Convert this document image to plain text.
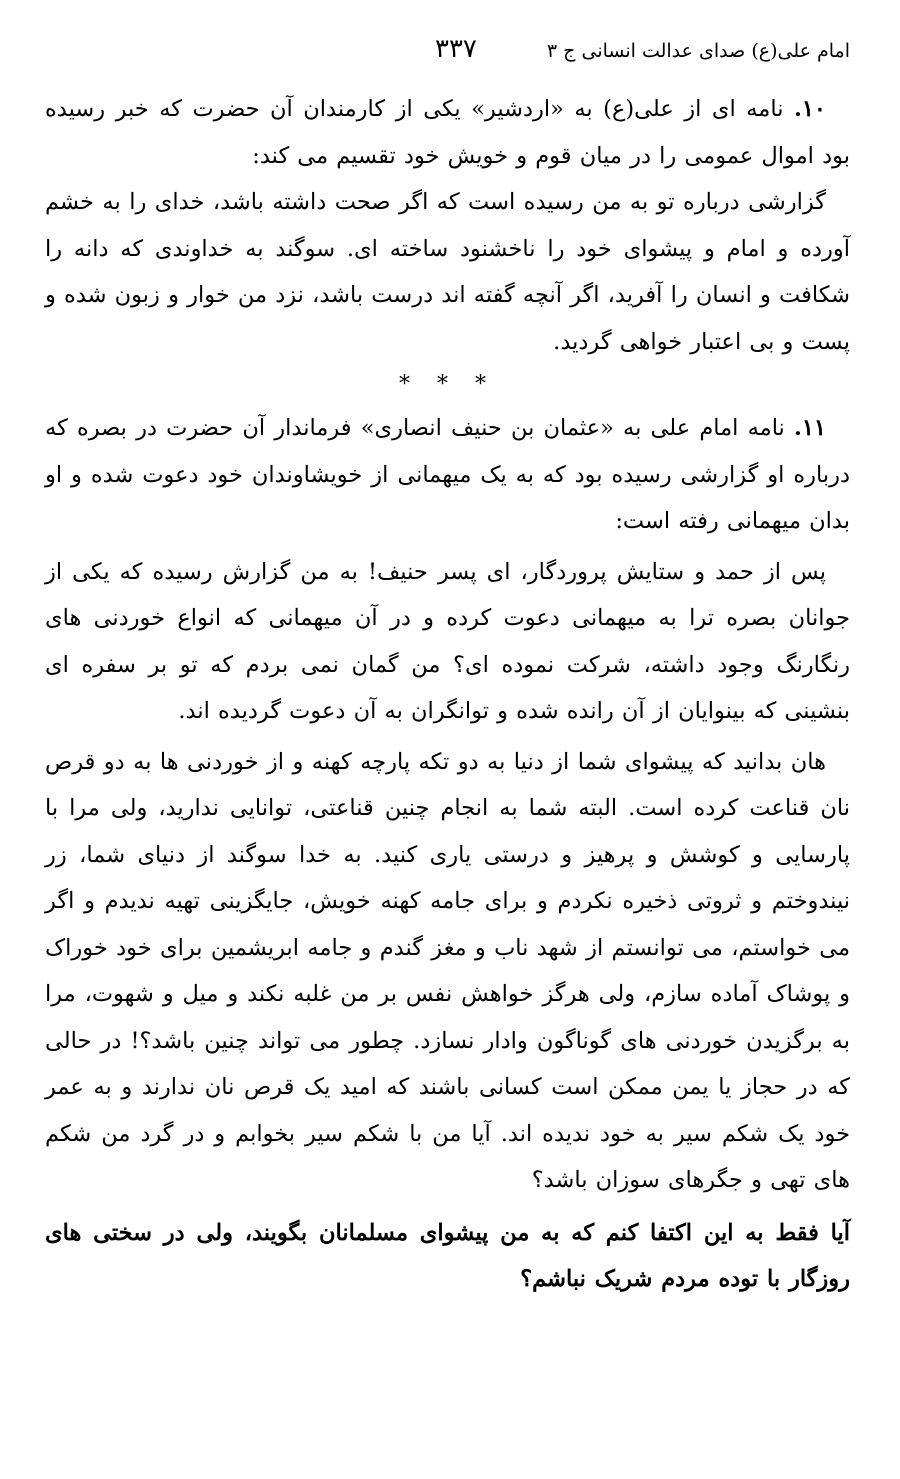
امام علی(ع) صدای عدالت انسانی ج ۳
۳۳۷

۱۰. نامه ای از علی(ع) به «اردشیر» یکی از کارمندان آن حضرت که خبر رسیده بود اموال عمومی را در میان قوم و خویش خود تقسیم می کند:

گزارشی درباره تو به من رسیده است که اگر صحت داشته باشد، خدای را به خشم آورده و امام و پیشوای خود را ناخشنود ساخته ای. سوگند به خداوندی که دانه را شکافت و انسان را آفرید، اگر آنچه گفته اند درست باشد، نزد من خوار و زبون شده و پست و بی اعتبار خواهی گردید.

* * *

۱۱. نامه امام علی به «عثمان بن حنیف انصاری» فرماندار آن حضرت در بصره که درباره او گزارشی رسیده بود که به یک میهمانی از خویشاوندان خود دعوت شده و او بدان میهمانی رفته است:

پس از حمد و ستایش پروردگار، ای پسر حنیف! به من گزارش رسیده که یکی از جوانان بصره ترا به میهمانی دعوت کرده و در آن میهمانی که انواع خوردنی های رنگارنگ وجود داشته، شرکت نموده ای؟ من گمان نمی بردم که تو بر سفره ای بنشینی که بینوایان از آن رانده شده و توانگران به آن دعوت گردیده اند.

هان بدانید که پیشوای شما از دنیا به دو تکه پارچه کهنه و از خوردنی ها به دو قرص نان قناعت کرده است. البته شما به انجام چنین قناعتی، توانایی ندارید، ولی مرا با پارسایی و کوشش و پرهیز و درستی یاری کنید. به خدا سوگند از دنیای شما، زر نیندوختم و ثروتی ذخیره نکردم و برای جامه کهنه خویش، جایگزینی تهیه ندیدم و اگر می خواستم، می توانستم از شهد ناب و مغز گندم و جامه ابریشمین برای خود خوراک و پوشاک آماده سازم، ولی هرگز خواهش نفس بر من غلبه نکند و میل و شهوت، مرا به برگزیدن خوردنی های گوناگون وادار نسازد. چطور می تواند چنین باشد؟! در حالی که در حجاز یا یمن ممکن است کسانی باشند که امید یک قرص نان ندارند و به عمر خود یک شکم سیر به خود ندیده اند. آیا من با شکم سیر بخوابم و در گرد من شکم های تهی و جگرهای سوزان باشد؟

آیا فقط به این اکتفا کنم که به من پیشوای مسلمانان بگویند، ولی در سختی های روزگار با توده مردم شریک نباشم؟
